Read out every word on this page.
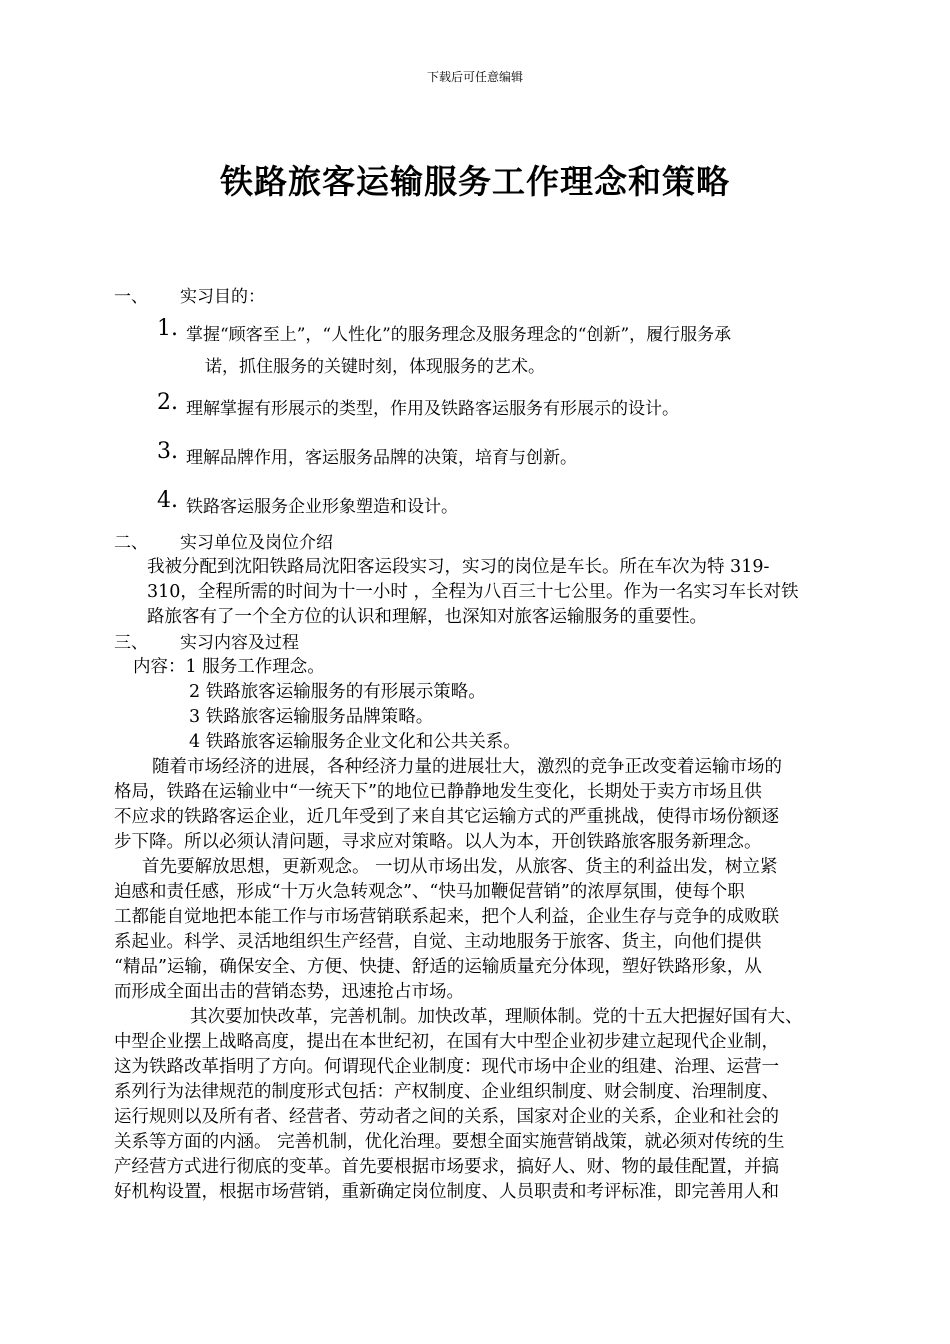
下载后可任意编辑
铁路旅客运输服务工作理念和策略
一、 实习目的：
1. 掌握“顾客至上”，“人性化”的服务理念及服务理念的“创新”，履行服务承
诺，抓住服务的关键时刻，体现服务的艺术。
2. 理解掌握有形展示的类型，作用及铁路客运服务有形展示的设计。
3. 理解品牌作用，客运服务品牌的决策，培育与创新。
4. 铁路客运服务企业形象塑造和设计。
二、 实习单位及岗位介绍
我被分配到沈阳铁路局沈阳客运段实习，实习的岗位是车长。所在车次为特 319-
310，全程所需的时间为十一小时 ，全程为八百三十七公里。作为一名实习车长对铁
路旅客有了一个全方位的认识和理解，也深知对旅客运输服务的重要性。
三、 实习内容及过程
内容：1 服务工作理念。
2 铁路旅客运输服务的有形展示策略。
3 铁路旅客运输服务品牌策略。
4 铁路旅客运输服务企业文化和公共关系。
随着市场经济的进展，各种经济力量的进展壮大，激烈的竞争正改变着运输市场的
格局，铁路在运输业中“一统天下”的地位已静静地发生变化，长期处于卖方市场且供
不应求的铁路客运企业，近几年受到了来自其它运输方式的严重挑战，使得市场份额逐
步下降。所以必须认清问题，寻求应对策略。以人为本，开创铁路旅客服务新理念。
首先要解放思想，更新观念。 一切从市场出发，从旅客、货主的利益出发，树立紧
迫感和责任感，形成“十万火急转观念”、“快马加鞭促营销”的浓厚氛围，使每个职
工都能自觉地把本能工作与市场营销联系起来，把个人利益，企业生存与竞争的成败联
系起业。科学、灵活地组织生产经营，自觉、主动地服务于旅客、货主，向他们提供
“精品”运输，确保安全、方便、快捷、舒适的运输质量充分体现，塑好铁路形象，从
而形成全面出击的营销态势，迅速抢占市场。
其次要加快改革，完善机制。加快改革，理顺体制。党的十五大把握好国有大、
中型企业摆上战略高度，提出在本世纪初，在国有大中型企业初步建立起现代企业制，
这为铁路改革指明了方向。何谓现代企业制度：现代市场中企业的组建、治理、运营一
系列行为法律规范的制度形式包括：产权制度、企业组织制度、财会制度、治理制度、
运行规则以及所有者、经营者、劳动者之间的关系，国家对企业的关系，企业和社会的
关系等方面的内涵。 完善机制，优化治理。要想全面实施营销战策，就必须对传统的生
产经营方式进行彻底的变革。首先要根据市场要求，搞好人、财、物的最佳配置，并搞
好机构设置，根据市场营销，重新确定岗位制度、人员职责和考评标准，即完善用人和
